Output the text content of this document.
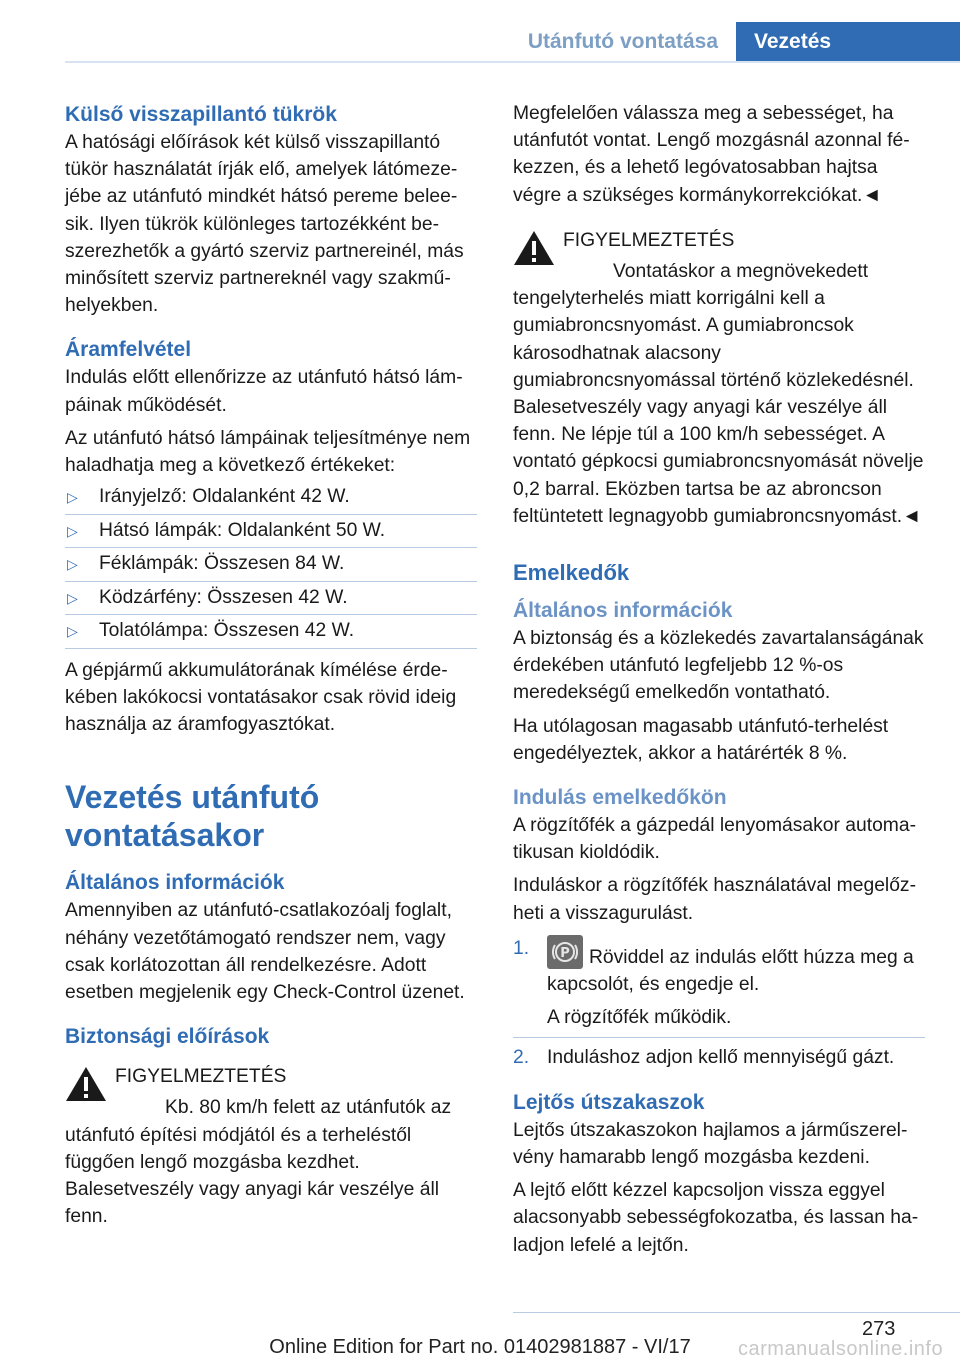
Utánfutó vontatása	Vezetés
Külső visszapillantó tükrök

A hatósági előírások két külső visszapillantó tükör használatát írják elő, amelyek látómezejébe az utánfutó mindkét hátsó pereme beleesik. Ilyen tükrök különleges tartozékként beszerezhetők a gyártó szerviz partnereinél, más minősített szerviz partnereknél vagy szakműhelyekben.

Áramfelvétel

Indulás előtt ellenőrizze az utánfutó hátsó lámpáinak működését.

Az utánfutó hátsó lámpáinak teljesítménye nem haladhatja meg a következő értékeket:

▷ Irányjelző: Oldalanként 42 W.
▷ Hátsó lámpák: Oldalanként 50 W.
▷ Féklámpák: Összesen 84 W.
▷ Ködzárfény: Összesen 42 W.
▷ Tolatólámpa: Összesen 42 W.

A gépjármű akkumulátorának kímélése érdekében lakókocsi vontatásakor csak rövid ideig használja az áramfogyasztókat.

Vezetés utánfutó vontatásakor
Általános információk

Amennyiben az utánfutó-csatlakozóalj foglalt, néhány vezetőtámogató rendszer nem, vagy csak korlátozottan áll rendelkezésre. Adott esetben megjelenik egy Check-Control üzenet.

Biztonsági előírások
FIGYELMEZTETÉS

Kb. 80 km/h felett az utánfutók az utánfutó építési módjától és a terheléstől függően lengő mozgásba kezdhet. Balesetveszély vagy anyagi kár veszélye áll fenn.

Megfelelően válassza meg a sebességet, ha utánfutót vontat. Lengő mozgásnál azonnal fékezzen, és a lehető legóvatosabban hajtsa végre a szükséges kormánykorrekciókat.◄

FIGYELMEZTETÉS

Vontatáskor a megnövekedett tengelyterhelés miatt korrigálni kell a gumiabroncsnyomást. A gumiabroncsok károsodhatnak alacsony gumiabroncsnyomással történő közlekedésnél. Balesetveszély vagy anyagi kár veszélye áll fenn. Ne lépje túl a 100 km/h sebességet. A vontató gépkocsi gumiabroncsnyomását növelje 0,2 barral. Eközben tartsa be az abroncson feltüntetett legnagyobb gumiabroncsnyomást.◄

Emelkedők
Általános információk

A biztonság és a közlekedés zavartalanságának érdekében utánfutó legfeljebb 12 %-os meredekségű emelkedőn vontatható.

Ha utólagosan magasabb utánfutó-terhelést engedélyeztek, akkor a határérték 8 %.

Indulás emelkedőkön

A rögzítőfék a gázpedál lenyomásakor automatikusan kioldódik.

Induláskor a rögzítőfék használatával megelőzheti a visszagurulást.

1. P Röviddel az indulás előtt húzza meg a kapcsolót, és engedje el.
A rögzítőfék működik.
2. Induláshoz adjon kellő mennyiségű gázt.
Lejtős útszakaszok

Lejtős útszakaszokon hajlamos a járműszerelvény hamarabb lengő mozgásba kezdeni.

A lejtő előtt kézzel kapcsoljon vissza eggyel alacsonyabb sebességfokozatba, és lassan haladjon lefelé a lejtőn.

273
carmanualsonline.info
Online Edition for Part no. 01402981887 - VI/17
